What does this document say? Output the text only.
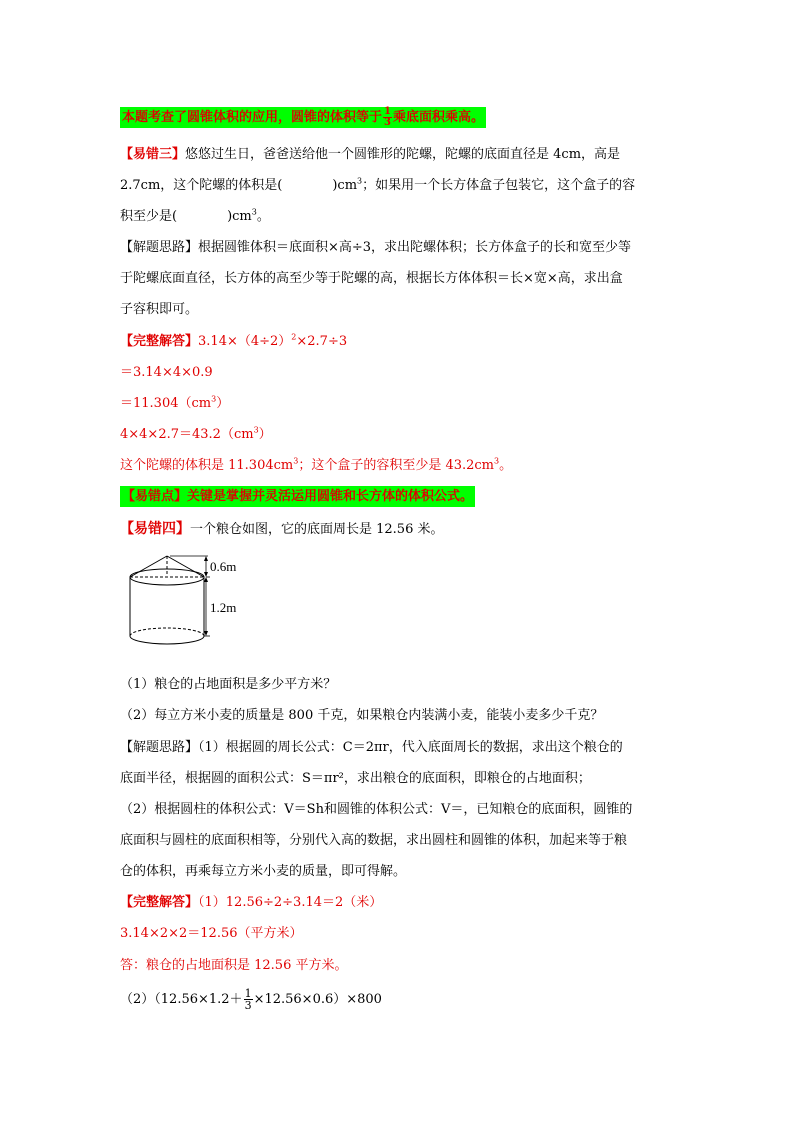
本题考查了圆锥体积的应用，圆锥的体积等于 $\frac{1}{3}$ 乘底面积乘高。
【易错三】悠悠过生日，爸爸送给他一个圆锥形的陀螺，陀螺的底面直径是 4cm，高是
2.7cm，这个陀螺的体积是(	)$cm^3$；如果用一个长方体盒子包装它，这个盒子的容
积至少是(	)$cm^3$。
【解题思路】根据圆锥体积＝底面积×高÷3，求出陀螺体积；长方体盒子的长和宽至少等
于陀螺底面直径，长方体的高至少等于陀螺的高，根据长方体体积＝长×宽×高，求出盒
子容积即可。
【完整解答】$3.14\times(4\div 2)^2\times 2.7\div 3$
＝3.14×4×0.9
$=11.304(cm^3)$
$4\times 4\times 2.7=43.2(cm^3)$
这个陀螺的体积是 $11.304cm^3$；这个盒子的容积至少是 $43.2cm^3$。
【易错点】关键是掌握并灵活运用圆锥和长方体的体积公式。
【易错四】一个粮仓如图，它的底面周长是 12.56 米。
0.6m
1.2m
（1）粮仓的占地面积是多少平方米？
（2）每立方米小麦的质量是 800 千克，如果粮仓内装满小麦，能装小麦多少千克？
【解题思路】（1）根据圆的周长公式：C＝2πr，代入底面周长的数据，求出这个粮仓的
底面半径，根据圆的面积公式：S＝πr²，求出粮仓的底面积，即粮仓的占地面积；
（2）根据圆柱的体积公式：V＝Sh和圆锥的体积公式：V＝，已知粮仓的底面积，圆锥的
底面积与圆柱的底面积相等，分别代入高的数据，求出圆柱和圆锥的体积，加起来等于粮
仓的体积，再乘每立方米小麦的质量，即可得解。
【完整解答】（1）12.56÷2÷3.14＝2（米）
3.14×2×2＝12.56（平方米）
答：粮仓的占地面积是 12.56 平方米。
$(2)(12.56\times 1.2+ \frac{1}{3} \times 12.56\times 0.6)\times 800$
